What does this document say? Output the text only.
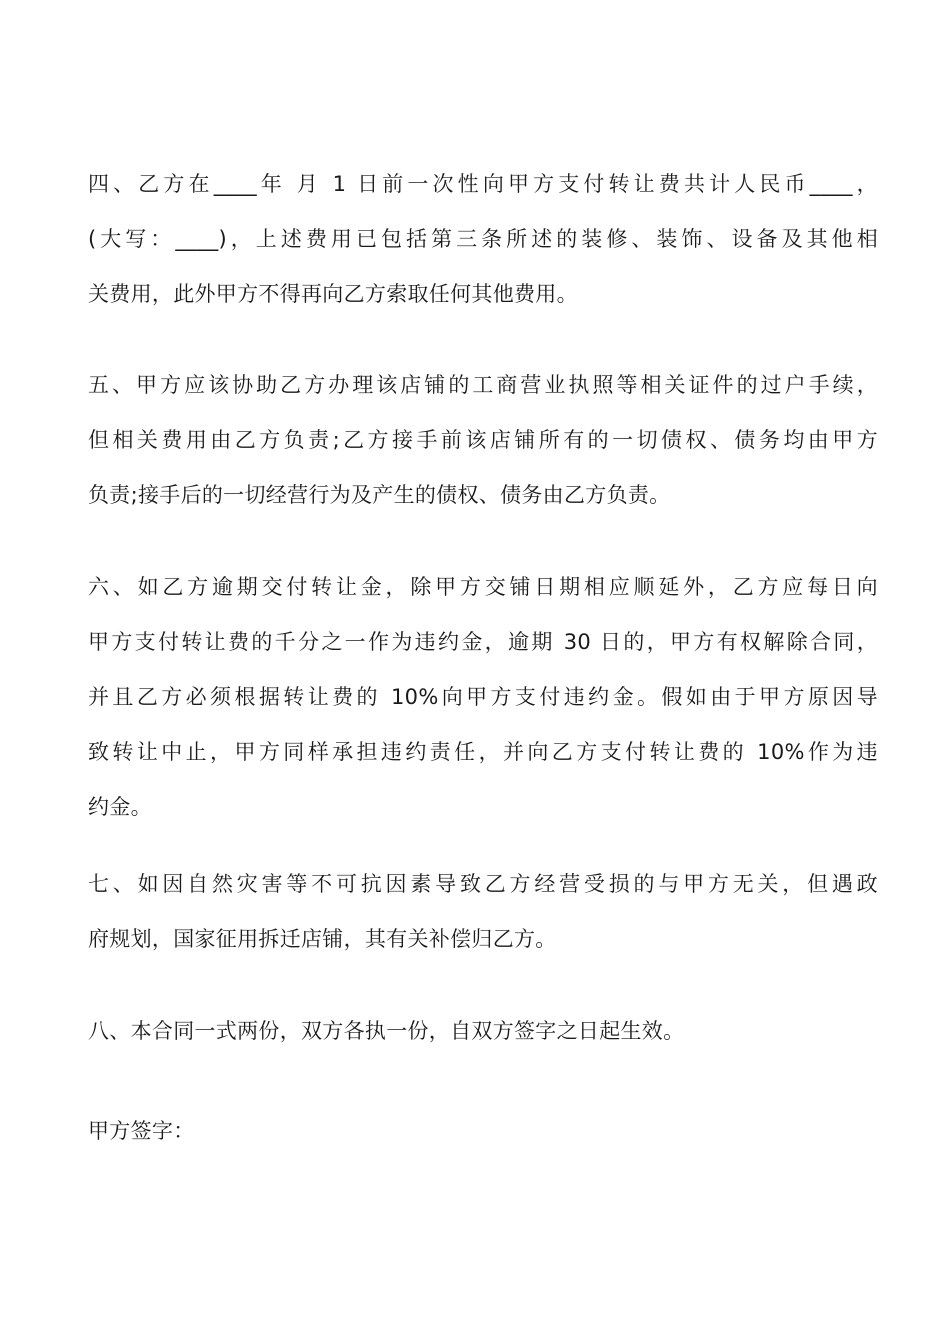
四、乙方在____年 月 1 日前一次性向甲方支付转让费共计人民币____，
(大写：____)，上述费用已包括第三条所述的装修、装饰、设备及其他相
关费用，此外甲方不得再向乙方索取任何其他费用。

五、甲方应该协助乙方办理该店铺的工商营业执照等相关证件的过户手续，
但相关费用由乙方负责;乙方接手前该店铺所有的一切债权、债务均由甲方
负责;接手后的一切经营行为及产生的债权、债务由乙方负责。

六、如乙方逾期交付转让金，除甲方交铺日期相应顺延外，乙方应每日向
甲方支付转让费的千分之一作为违约金，逾期 30 日的，甲方有权解除合同，
并且乙方必须根据转让费的 10%向甲方支付违约金。假如由于甲方原因导
致转让中止，甲方同样承担违约责任，并向乙方支付转让费的 10%作为违
约金。

七、如因自然灾害等不可抗因素导致乙方经营受损的与甲方无关，但遇政
府规划，国家征用拆迁店铺，其有关补偿归乙方。

八、本合同一式两份，双方各执一份，自双方签字之日起生效。

甲方签字：
